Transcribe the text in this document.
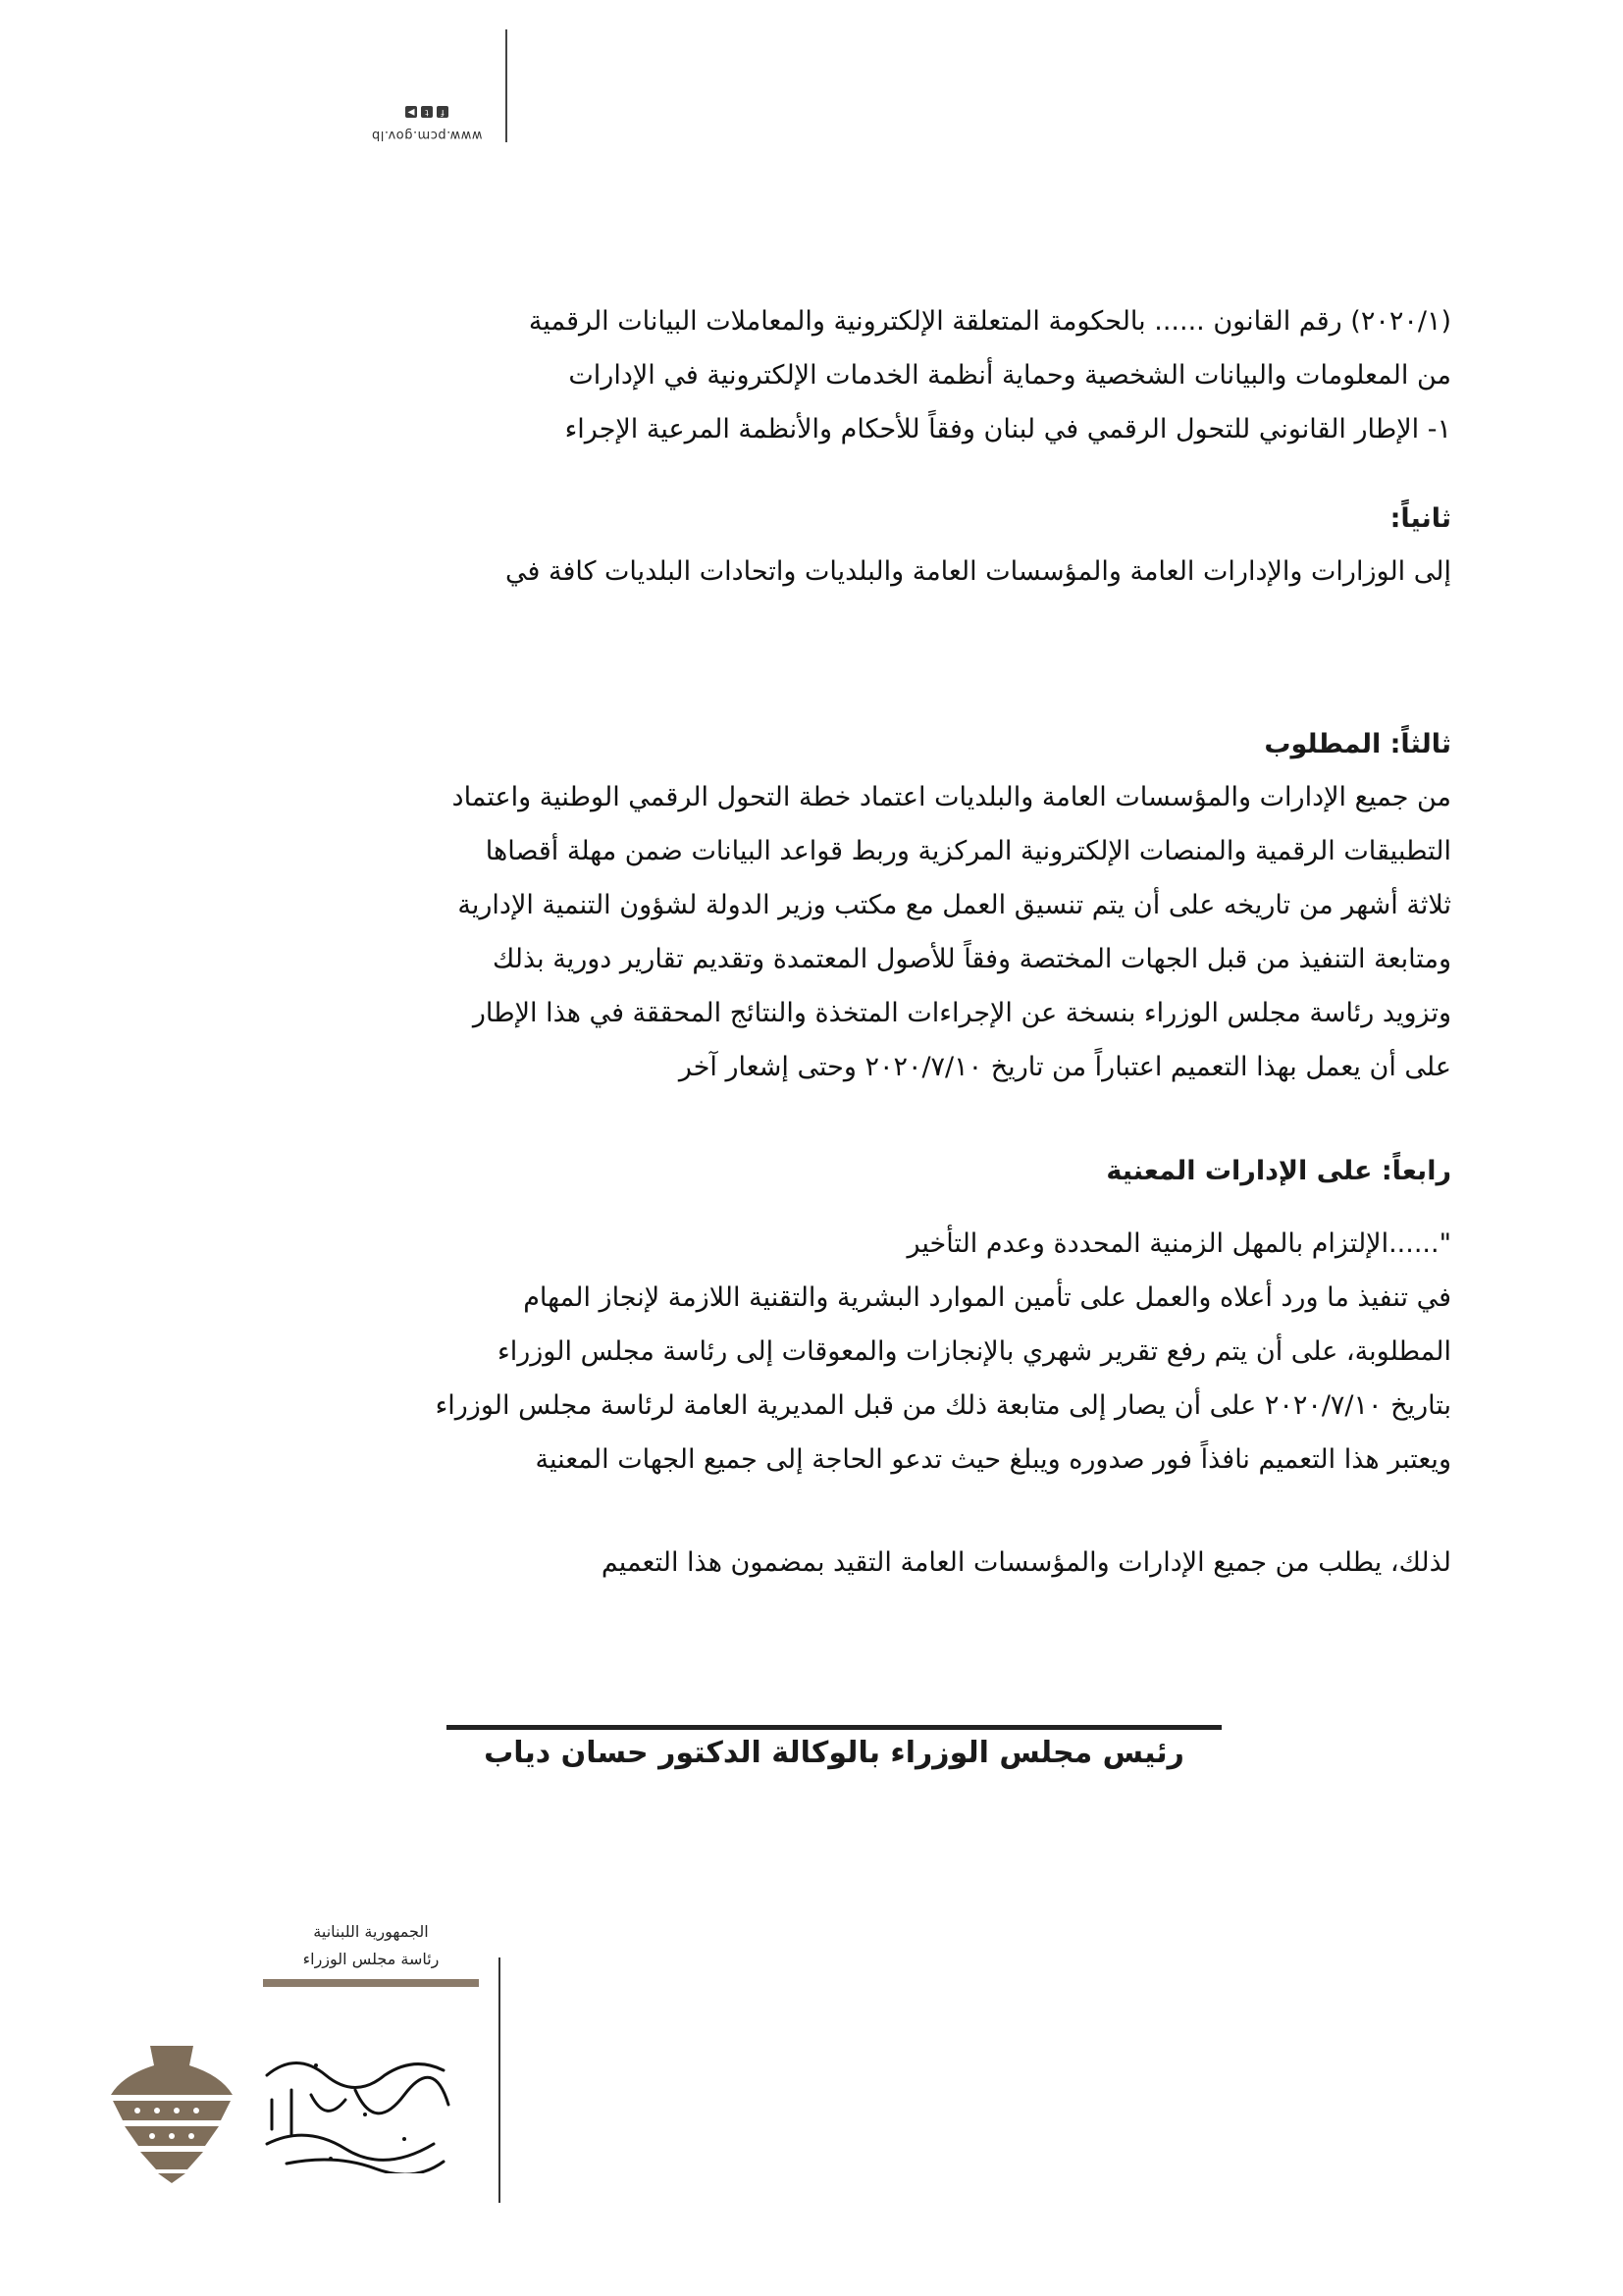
www.pcm.gov.lb
f
t
▶

(٢٠٢٠/١) رقم القانون ...... بالحكومة المتعلقة الإلكترونية والمعاملات البيانات الرقمية

من المعلومات والبيانات الشخصية وحماية أنظمة الخدمات الإلكترونية في الإدارات

١- الإطار القانوني للتحول الرقمي في لبنان وفقاً للأحكام والأنظمة المرعية الإجراء

ثانياً:

إلى الوزارات والإدارات العامة والمؤسسات العامة والبلديات واتحادات البلديات كافة في

ثالثاً: المطلوب

من جميع الإدارات والمؤسسات العامة والبلديات اعتماد خطة التحول الرقمي الوطنية واعتماد

التطبيقات الرقمية والمنصات الإلكترونية المركزية وربط قواعد البيانات ضمن مهلة أقصاها

ثلاثة أشهر من تاريخه على أن يتم تنسيق العمل مع مكتب وزير الدولة لشؤون التنمية الإدارية

ومتابعة التنفيذ من قبل الجهات المختصة وفقاً للأصول المعتمدة وتقديم تقارير دورية بذلك

وتزويد رئاسة مجلس الوزراء بنسخة عن الإجراءات المتخذة والنتائج المحققة في هذا الإطار

على أن يعمل بهذا التعميم اعتباراً من تاريخ ٢٠٢٠/٧/١٠ وحتى إشعار آخر

رابعاً: على الإدارات المعنية

"......الإلتزام بالمهل الزمنية المحددة وعدم التأخير

في تنفيذ ما ورد أعلاه والعمل على تأمين الموارد البشرية والتقنية اللازمة لإنجاز المهام

المطلوبة، على أن يتم رفع تقرير شهري بالإنجازات والمعوقات إلى رئاسة مجلس الوزراء

بتاريخ ٢٠٢٠/٧/١٠ على أن يصار إلى متابعة ذلك من قبل المديرية العامة لرئاسة مجلس الوزراء

ويعتبر هذا التعميم نافذاً فور صدوره ويبلغ حيث تدعو الحاجة إلى جميع الجهات المعنية

لذلك، يطلب من جميع الإدارات والمؤسسات العامة التقيد بمضمون هذا التعميم

رئيس مجلس الوزراء بالوكالة الدكتور حسان دياب
الجمهورية اللبنانية
رئاسة مجلس الوزراء
